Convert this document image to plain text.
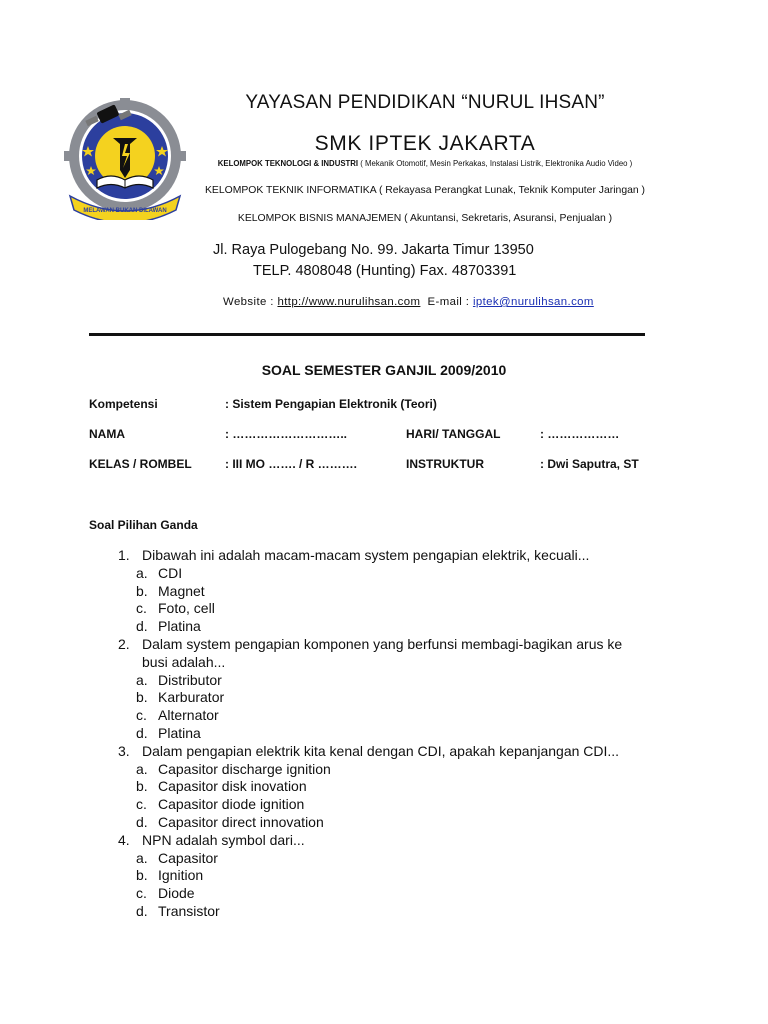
MELAWAN BUKAN DILAWAN

YAYASAN PENDIDIKAN “NURUL IHSAN”

SMK IPTEK JAKARTA

KELOMPOK TEKNOLOGI & INDUSTRI ( Mekanik Otomotif, Mesin Perkakas, Instalasi Listrik, Elektronika Audio Video )

KELOMPOK TEKNIK INFORMATIKA ( Rekayasa Perangkat Lunak, Teknik Komputer Jaringan )

KELOMPOK BISNIS MANAJEMEN ( Akuntansi, Sekretaris, Asuransi, Penjualan )

Jl. Raya Pulogebang No. 99. Jakarta Timur 13950
TELP. 4808048 (Hunting) Fax. 48703391
Website : http://www.nurulihsan.com E-mail : iptek@nurulihsan.com

SOAL SEMESTER GANJIL 2009/2010

Kompetensi	: Sistem Pengapian Elektronik (Teori)
NAMA	: ………………………..	HARI/ TANGGAL	: ………………
KELAS / ROMBEL	: III MO ……. / R ……….	INSTRUKTUR	: Dwi Saputra, ST
Soal Pilihan Ganda
1. Dibawah ini adalah macam-macam system pengapian elektrik, kecuali...
a. CDI
b. Magnet
c. Foto, cell
d. Platina
2. Dalam system pengapian komponen yang berfunsi membagi-bagikan arus ke
busi adalah...
a. Distributor
b. Karburator
c. Alternator
d. Platina
3. Dalam pengapian elektrik kita kenal dengan CDI, apakah kepanjangan CDI...
a. Capasitor discharge ignition
b. Capasitor disk inovation
c. Capasitor diode ignition
d. Capasitor direct innovation
4. NPN adalah symbol dari...
a. Capasitor
b. Ignition
c. Diode
d. Transistor
